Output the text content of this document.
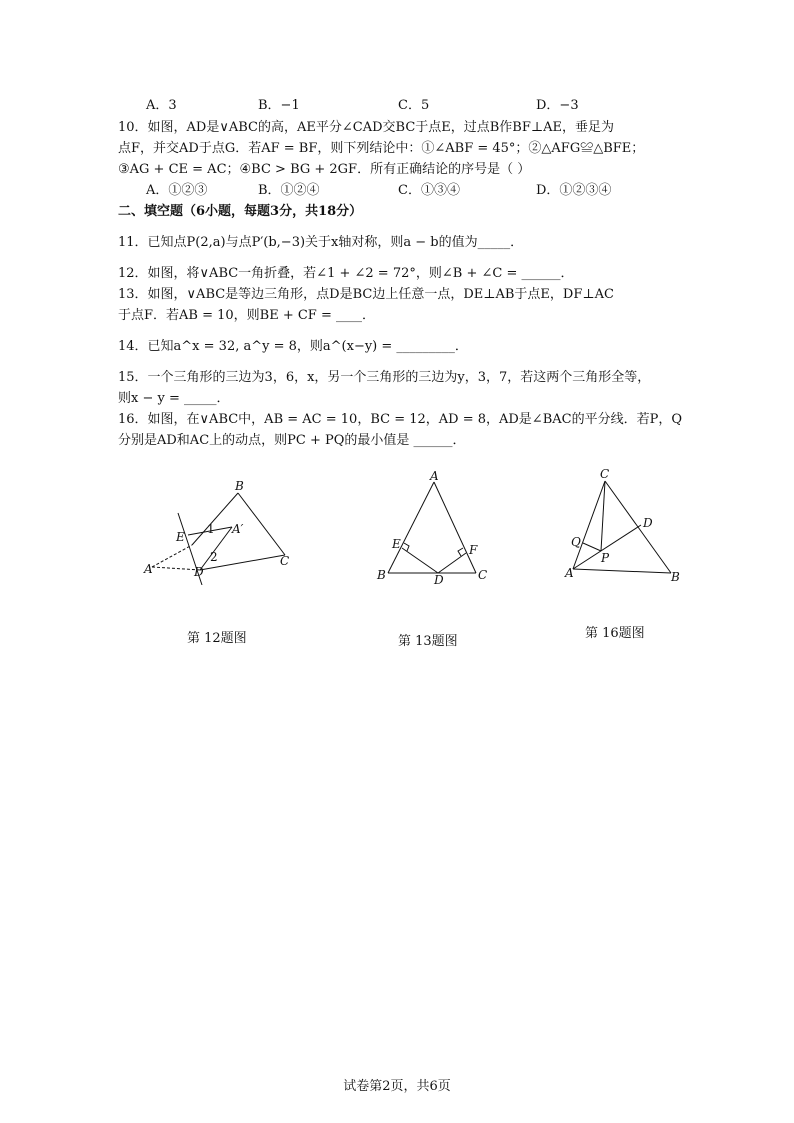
A．3	B．−1	C．5	D．−3
10．如图，AD是∨ABC的高，AE平分∠CAD交BC于点E，过点B作BF⊥AE，垂足为
点F，并交AD于点G．若AF = BF，则下列结论中：①∠ABF = 45°；②△AFG≌△BFE；
③AG + CE = AC；④BC > BG + 2GF．所有正确结论的序号是（ ）
A．①②③	B．①②④	C．①③④	D．①②③④
二、填空题（6小题，每题3分，共18分）
11．已知点P(2,a)与点P′(b,−3)关于x轴对称，则a − b的值为_____．
12．如图，将∨ABC一角折叠，若∠1 + ∠2 = 72°，则∠B + ∠C = ______．
13．如图，∨ABC是等边三角形，点D是BC边上任意一点，DE⊥AB于点E，DF⊥AC
于点F．若AB = 10，则BE + CF = ____．
14．已知a^x = 32, a^y = 8，则a^(x−y) = _________．
15．一个三角形的三边为3，6，x，另一个三角形的三边为y，3，7，若这两个三角形全等，
则x − y = _____．
16．如图，在∨ABC中，AB = AC = 10，BC = 12，AD = 8，AD是∠BAC的平分线．若P，Q
分别是AD和AC上的动点，则PC + PQ的最小值是 ______．
B
C
E
D
A
A′
1
2
第 12题图
A
B	C
D
E	F
第 13题图
C
A	B
D
P
Q
第 16题图
试卷第2页，共6页
